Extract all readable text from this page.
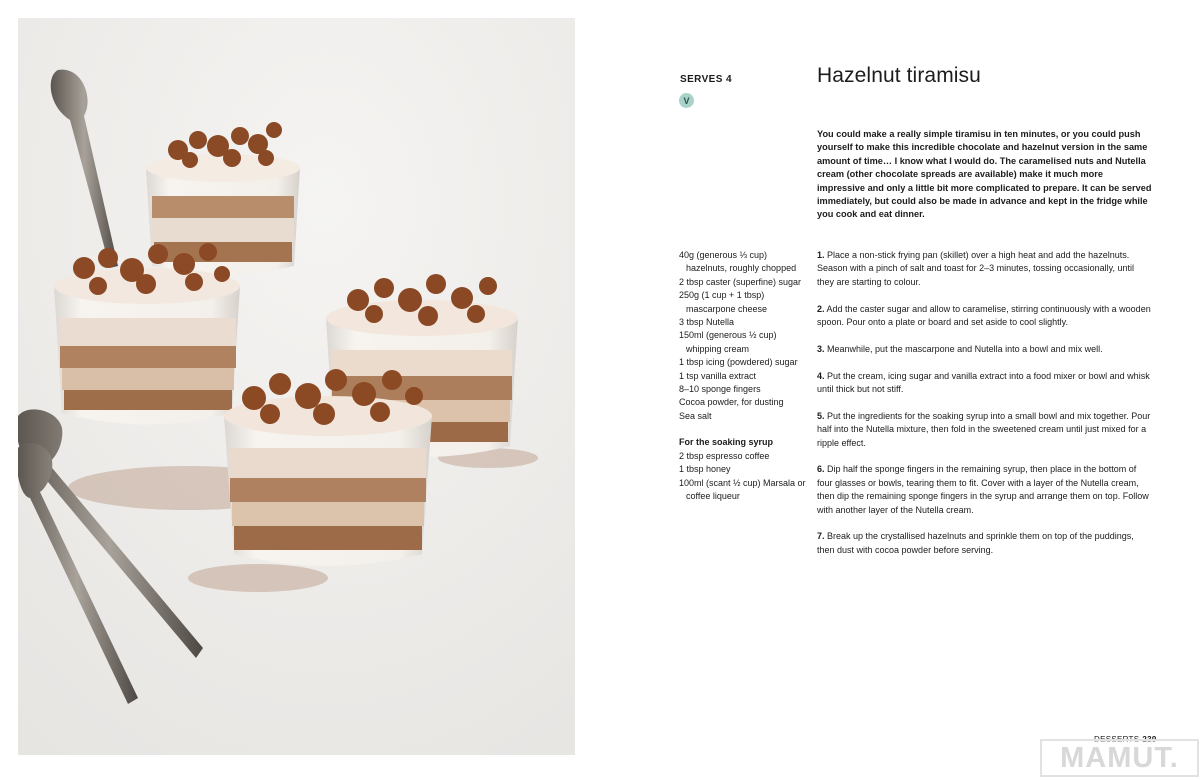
SERVES 4
V
Hazelnut tiramisu

You could make a really simple tiramisu in ten minutes, or you could push yourself to make this incredible chocolate and hazelnut version in the same amount of time… I know what I would do. The caramelised nuts and Nutella cream (other chocolate spreads are available) make it much more impressive and only a little bit more complicated to prepare. It can be served immediately, but could also be made in advance and kept in the fridge while you cook and eat dinner.

40g (generous ⅓ cup) hazelnuts, roughly chopped
2 tbsp caster (superfine) sugar
250g (1 cup + 1 tbsp) mascarpone cheese
3 tbsp Nutella
150ml (generous ½ cup) whipping cream
1 tbsp icing (powdered) sugar
1 tsp vanilla extract
8–10 sponge fingers
Cocoa powder, for dusting
Sea salt
For the soaking syrup
2 tbsp espresso coffee
1 tbsp honey
100ml (scant ½ cup) Marsala or coffee liqueur

1. Place a non-stick frying pan (skillet) over a high heat and add the hazelnuts. Season with a pinch of salt and toast for 2–3 minutes, tossing occasionally, until they are starting to colour.

2. Add the caster sugar and allow to caramelise, stirring continuously with a wooden spoon. Pour onto a plate or board and set aside to cool slightly.

3. Meanwhile, put the mascarpone and Nutella into a bowl and mix well.

4. Put the cream, icing sugar and vanilla extract into a food mixer or bowl and whisk until thick but not stiff.

5. Put the ingredients for the soaking syrup into a small bowl and mix together. Pour half into the Nutella mixture, then fold in the sweetened cream until just mixed for a ripple effect.

6. Dip half the sponge fingers in the remaining syrup, then place in the bottom of four glasses or bowls, tearing them to fit. Cover with a layer of the Nutella cream, then dip the remaining sponge fingers in the syrup and arrange them on top. Follow with another layer of the Nutella cream.

7. Break up the crystallised hazelnuts and sprinkle them on top of the puddings, then dust with cocoa powder before serving.

MAMUT.
